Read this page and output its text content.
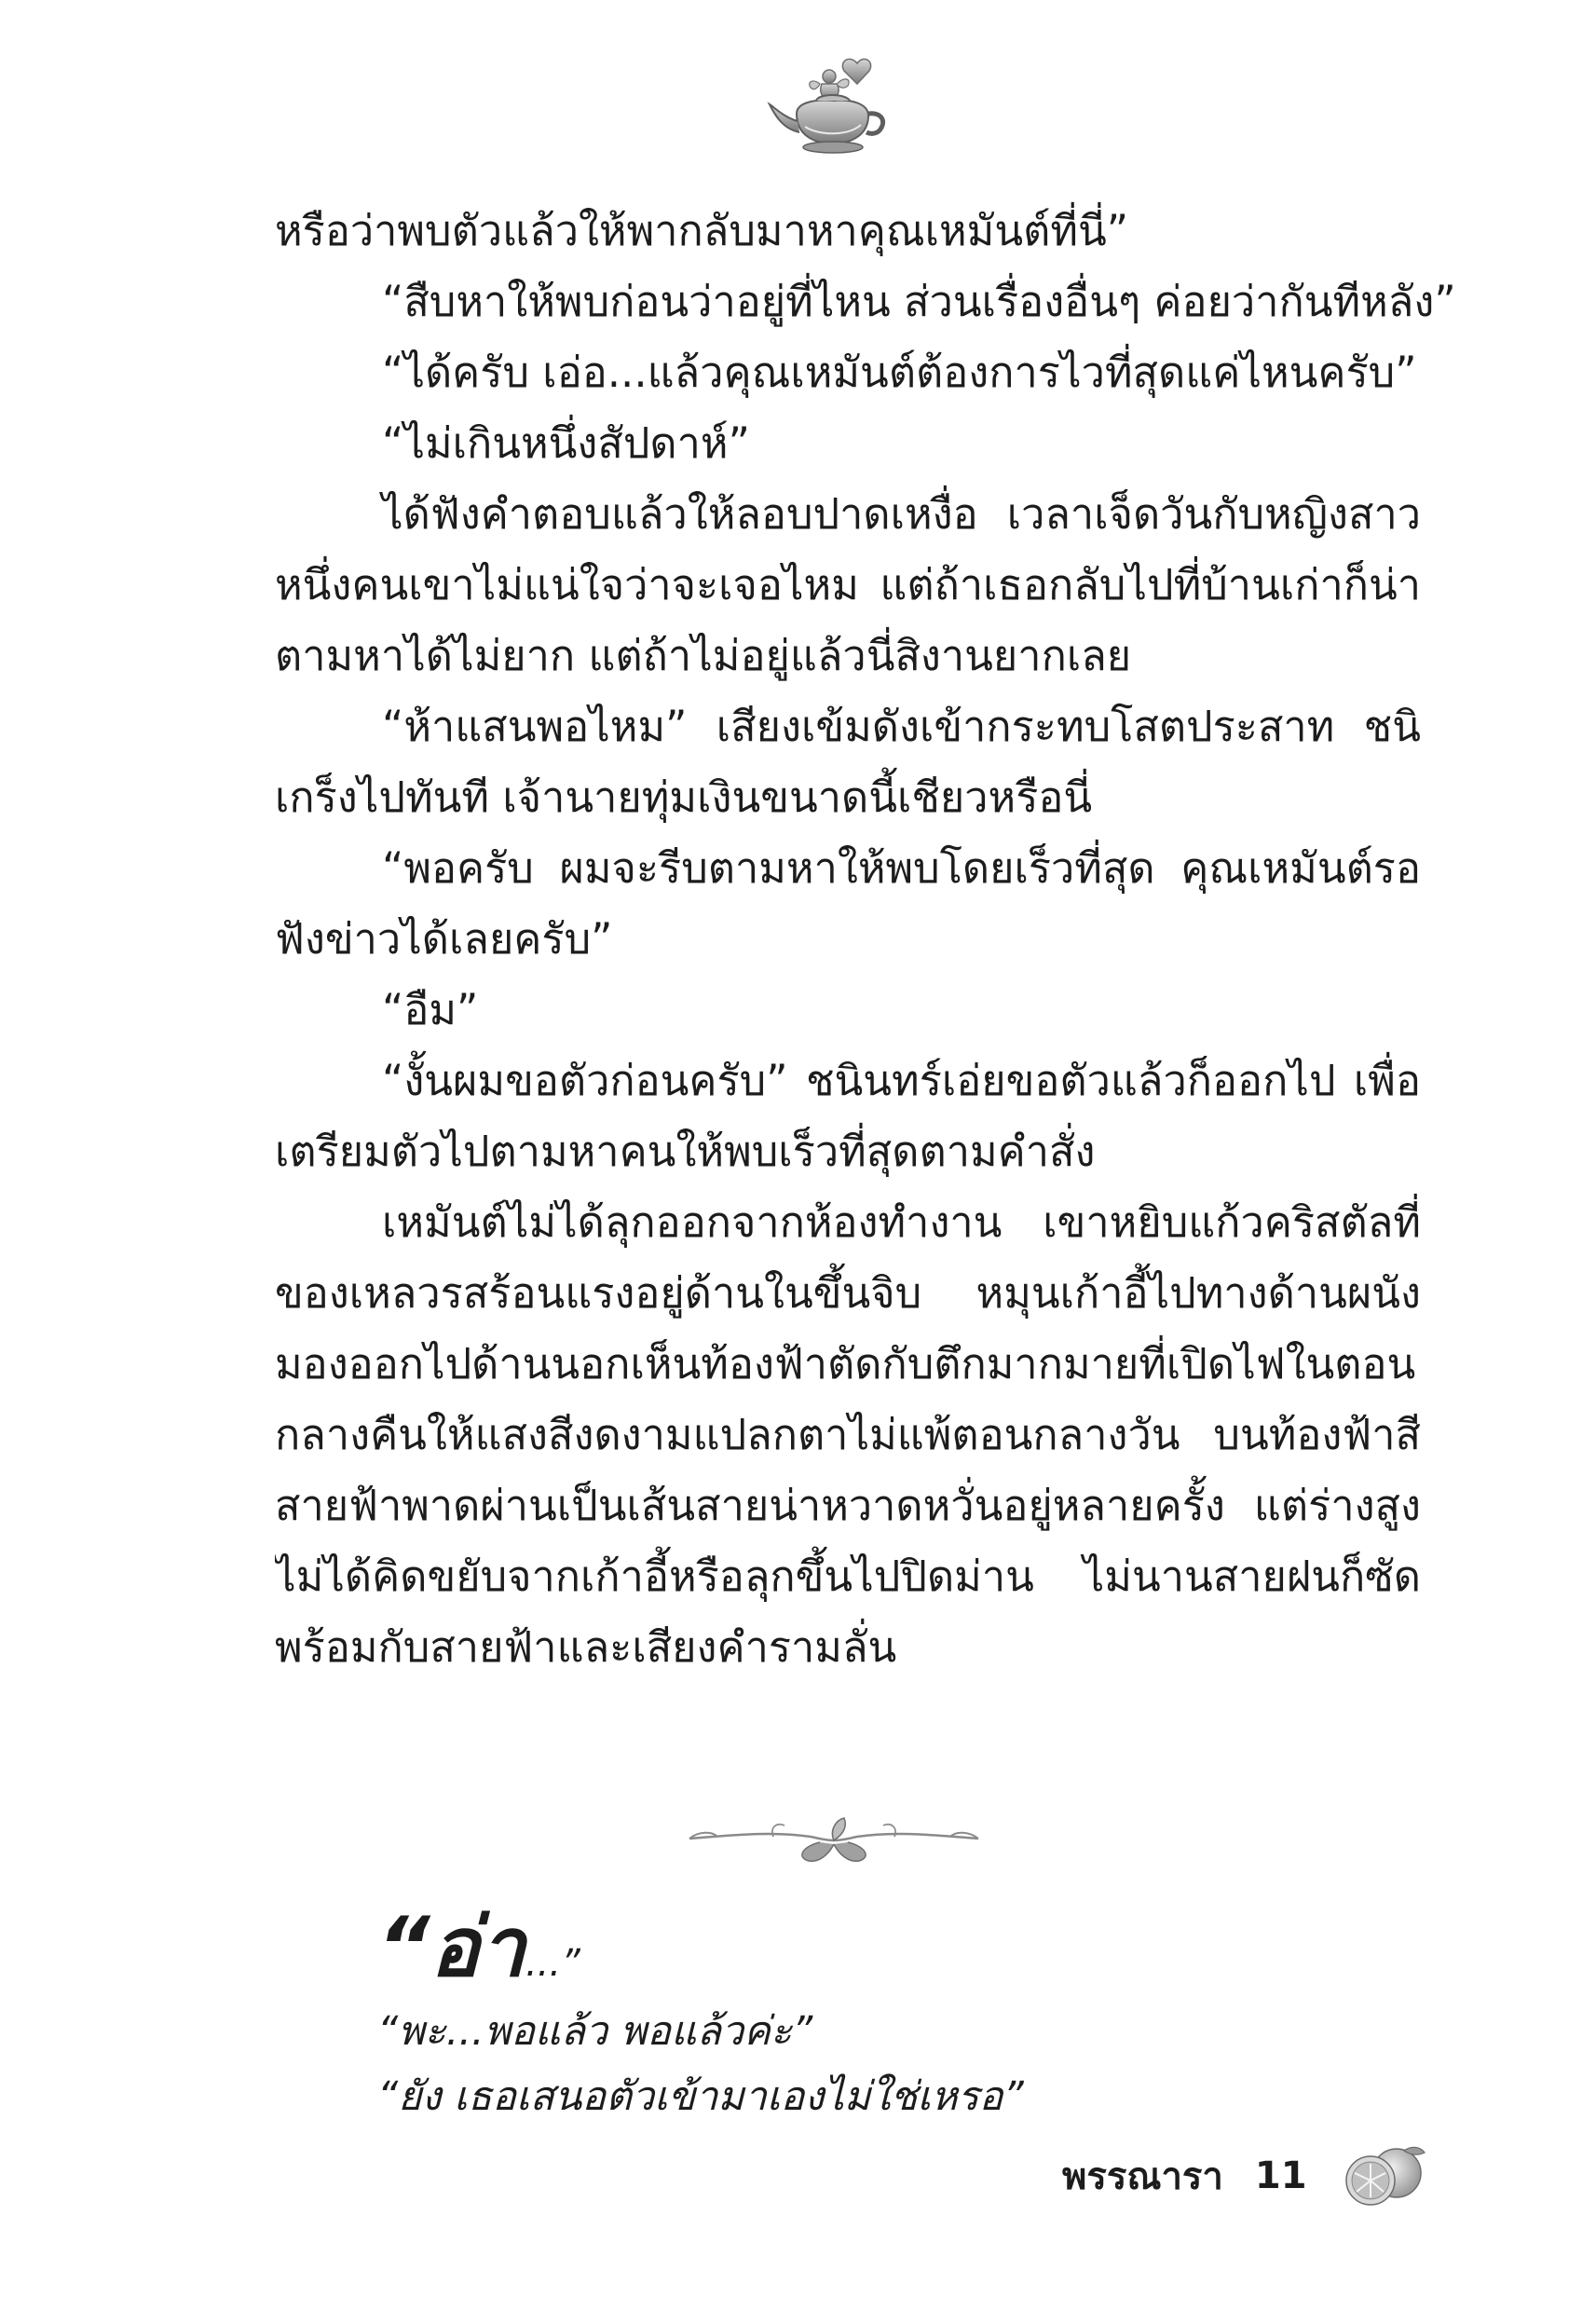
หรือว่าพบตัวแล้วให้พากลับมาหาคุณเหมันต์ที่นี่”
“สืบหาให้พบก่อนว่าอยู่ที่ไหน ส่วนเรื่องอื่นๆ ค่อยว่ากันทีหลัง”
“ได้ครับ เอ่อ...แล้วคุณเหมันต์ต้องการไวที่สุดแค่ไหนครับ”
“ไม่เกินหนึ่งสัปดาห์”
ได้ฟังคำตอบแล้วให้ลอบปาดเหงื่อ เวลาเจ็ดวันกับหญิงสาว
หนึ่งคนเขาไม่แน่ใจว่าจะเจอไหม แต่ถ้าเธอกลับไปที่บ้านเก่าก็น่า
ตามหาได้ไม่ยาก แต่ถ้าไม่อยู่แล้วนี่สิงานยากเลย
“ห้าแสนพอไหม” เสียงเข้มดังเข้ากระทบโสตประสาท ชนิ
เกร็งไปทันที เจ้านายทุ่มเงินขนาดนี้เชียวหรือนี่
“พอครับ ผมจะรีบตามหาให้พบโดยเร็วที่สุด คุณเหมันต์รอ
ฟังข่าวได้เลยครับ”
“อืม”
“งั้นผมขอตัวก่อนครับ” ชนินทร์เอ่ยขอตัวแล้วก็ออกไป เพื่อ
เตรียมตัวไปตามหาคนให้พบเร็วที่สุดตามคำสั่ง
เหมันต์ไม่ได้ลุกออกจากห้องทำงาน เขาหยิบแก้วคริสตัลที่
ของเหลวรสร้อนแรงอยู่ด้านในขึ้นจิบ หมุนเก้าอี้ไปทางด้านผนัง
มองออกไปด้านนอกเห็นท้องฟ้าตัดกับตึกมากมายที่เปิดไฟในตอน
กลางคืนให้แสงสีงดงามแปลกตาไม่แพ้ตอนกลางวัน บนท้องฟ้าสี
สายฟ้าพาดผ่านเป็นเส้นสายน่าหวาดหวั่นอยู่หลายครั้ง แต่ร่างสูง
ไม่ได้คิดขยับจากเก้าอี้หรือลุกขึ้นไปปิดม่าน ไม่นานสายฝนก็ซัด
พร้อมกับสายฟ้าและเสียงคำรามลั่น
“อ่า...”
“พะ...พอแล้ว พอแล้วค่ะ”
“ยัง เธอเสนอตัวเข้ามาเองไม่ใช่เหรอ”
พรรณารา 11
